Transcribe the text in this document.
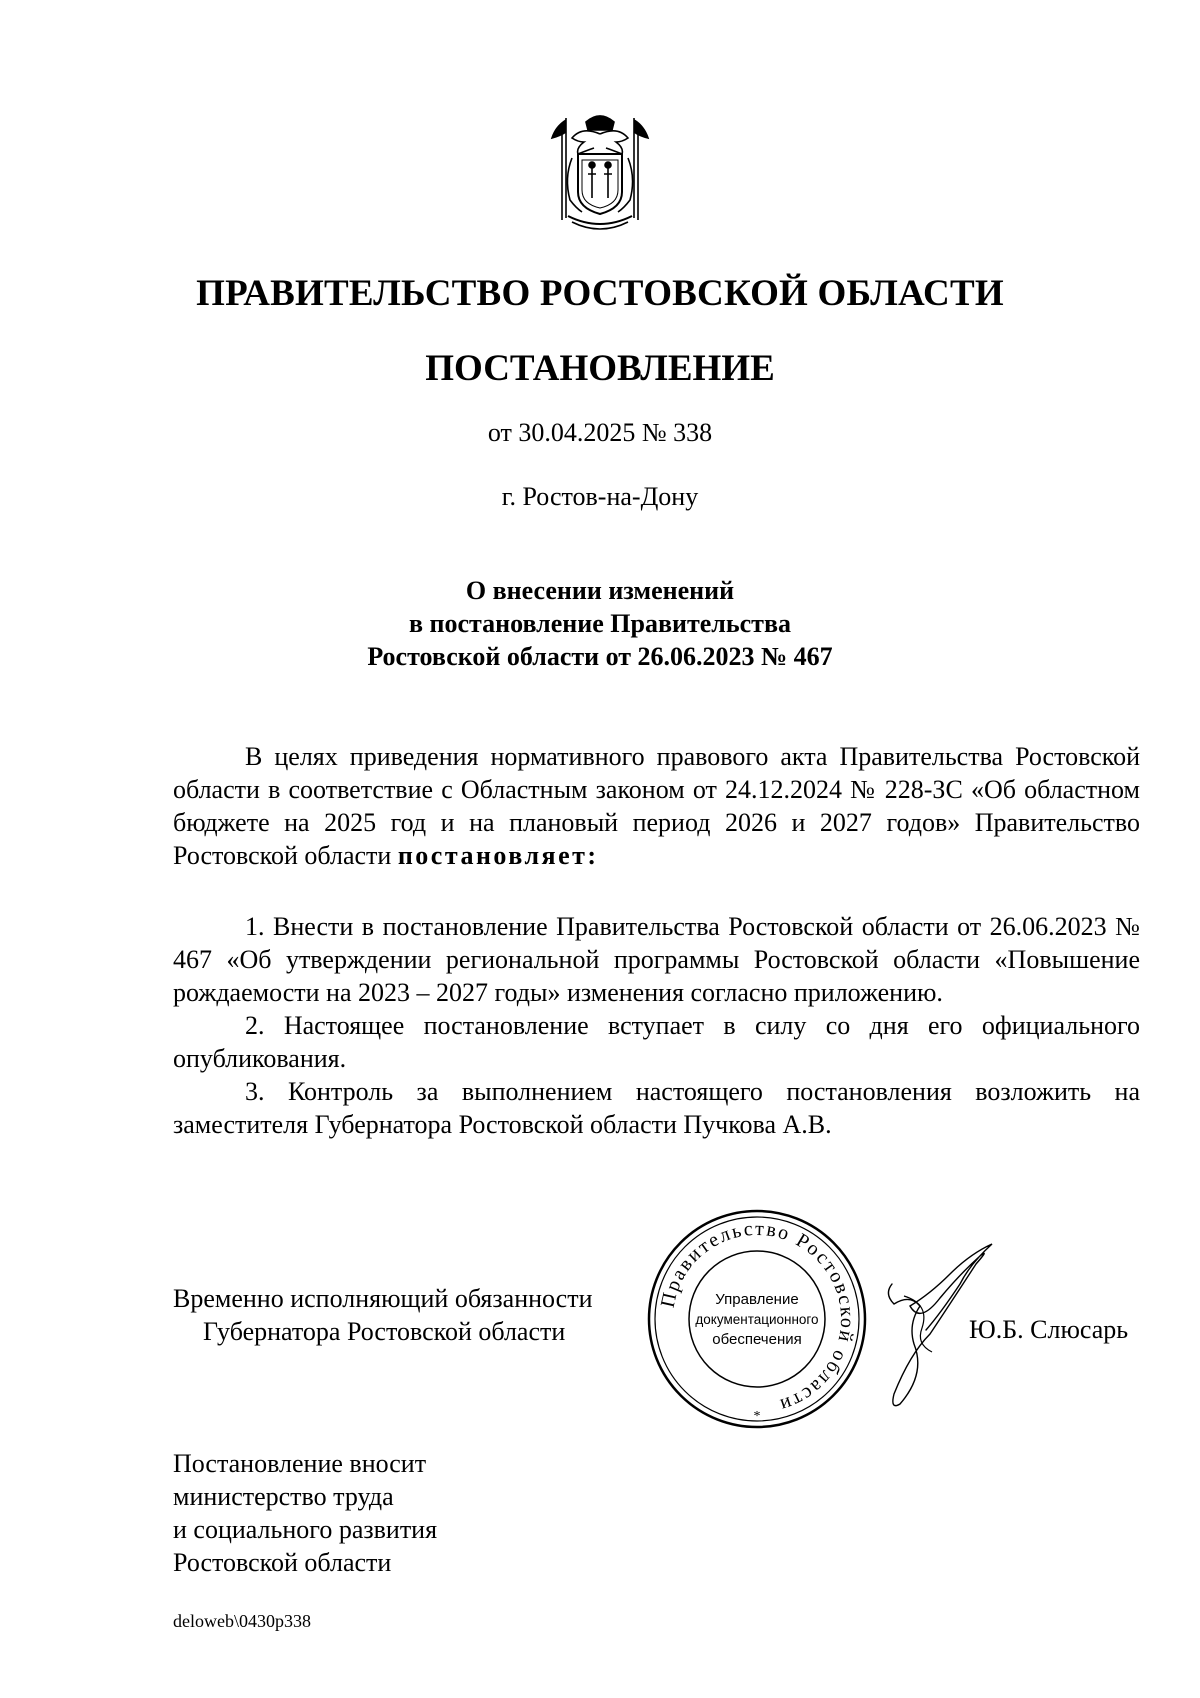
ПРАВИТЕЛЬСТВО РОСТОВСКОЙ ОБЛАСТИ
ПОСТАНОВЛЕНИЕ
от 30.04.2025 № 338
г. Ростов-на-Дону
О внесении изменений
в постановление Правительства
Ростовской области от 26.06.2023 № 467

В целях приведения нормативного правового акта Правительства Ростовской области в соответствие с Областным законом от 24.12.2024 № 228-ЗС «Об областном бюджете на 2025 год и на плановый период 2026 и 2027 годов» Правительство Ростовской области постановляет:

1. Внести в постановление Правительства Ростовской области от 26.06.2023 № 467 «Об утверждении региональной программы Ростовской области «Повышение рождаемости на 2023 – 2027 годы» изменения согласно приложению.

2. Настоящее постановление вступает в силу со дня его официального опубликования.

3. Контроль за выполнением настоящего постановления возложить на заместителя Губернатора Ростовской области Пучкова А.В.

Временно исполняющий обязанности
Губернатора Ростовской области
Правительство Ростовской области
Управление
документационного
обеспечения
*
Ю.Б. Слюсарь
Постановление вносит
министерство труда
и социального развития
Ростовской области
deloweb\0430p338
